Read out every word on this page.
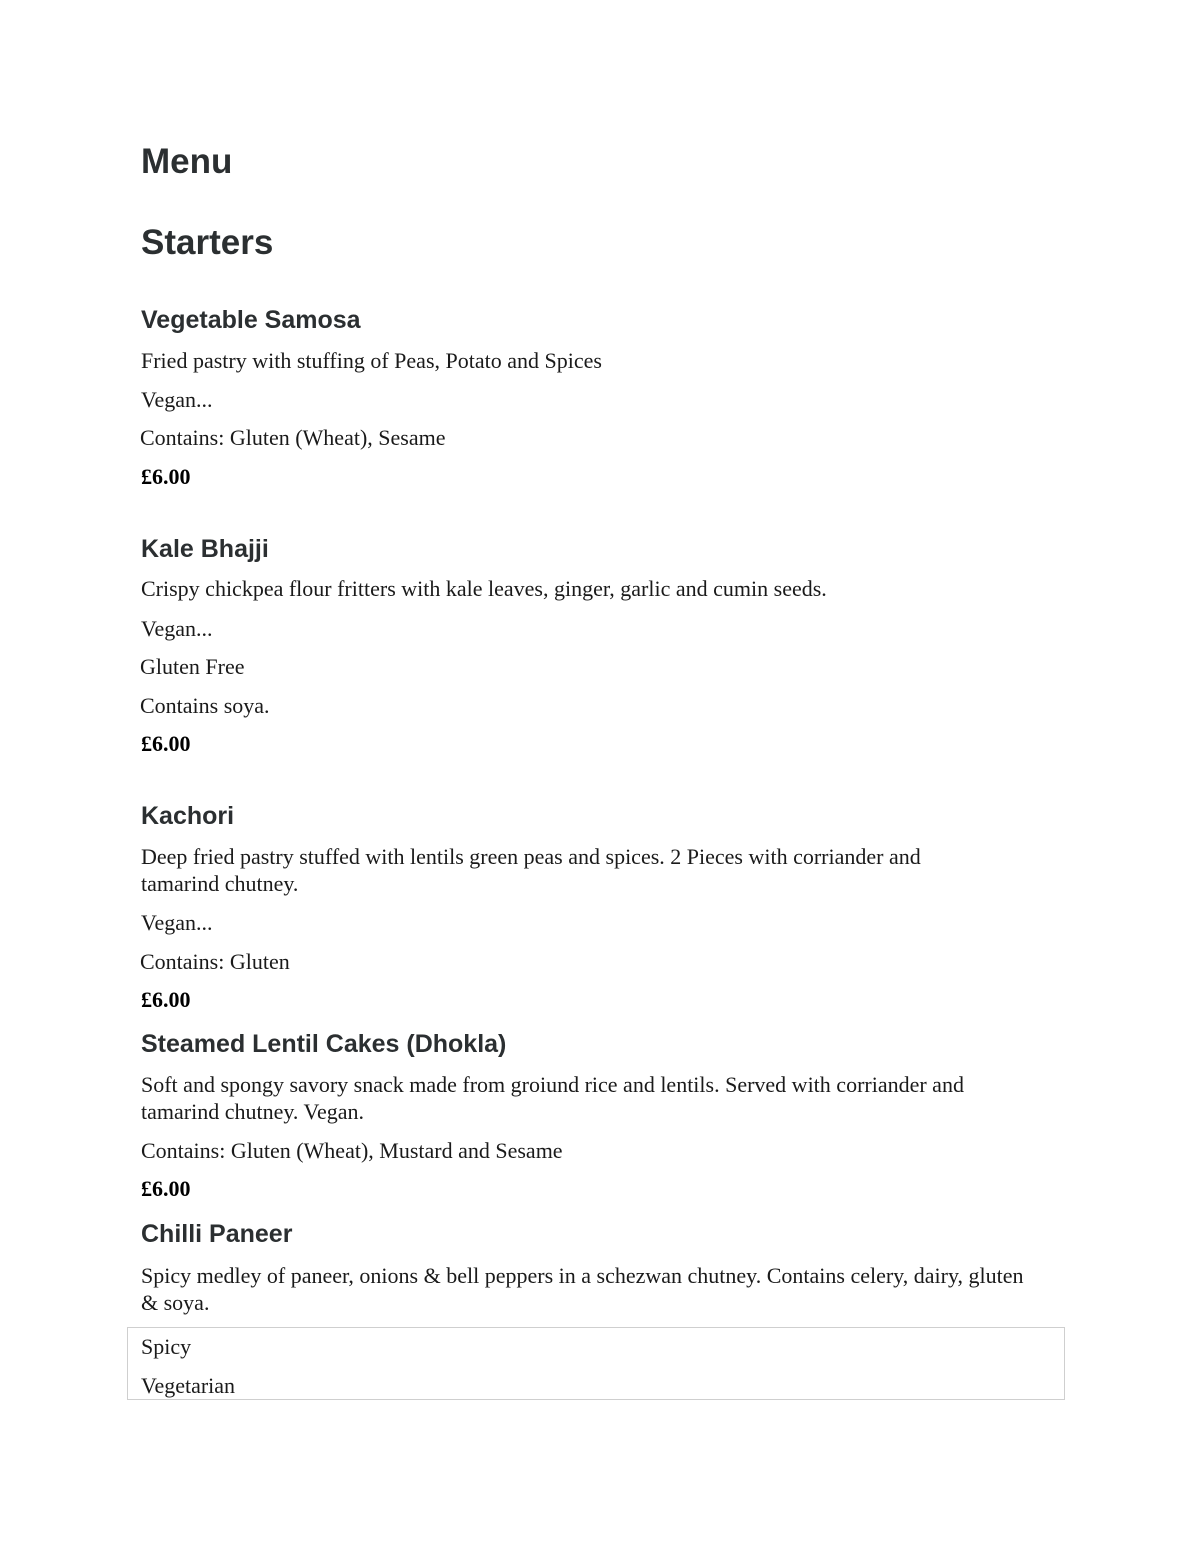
Menu
Starters
Vegetable Samosa

Fried pastry with stuffing of Peas, Potato and Spices

Vegan...

Contains: Gluten (Wheat), Sesame

£6.00
Kale Bhajji

Crispy chickpea flour fritters with kale leaves, ginger, garlic and cumin seeds.

Vegan...

Gluten Free

Contains soya.

£6.00
Kachori

Deep fried pastry stuffed with lentils green peas and spices. 2 Pieces with corriander and tamarind chutney.

Vegan...

Contains: Gluten

£6.00
Steamed Lentil Cakes (Dhokla)

Soft and spongy savory snack made from groiund rice and lentils. Served with corriander and tamarind chutney. Vegan.

Contains: Gluten (Wheat), Mustard and Sesame

£6.00
Chilli Paneer

Spicy medley of paneer, onions & bell peppers in a schezwan chutney. Contains celery, dairy, gluten & soya.

Spicy

Vegetarian
